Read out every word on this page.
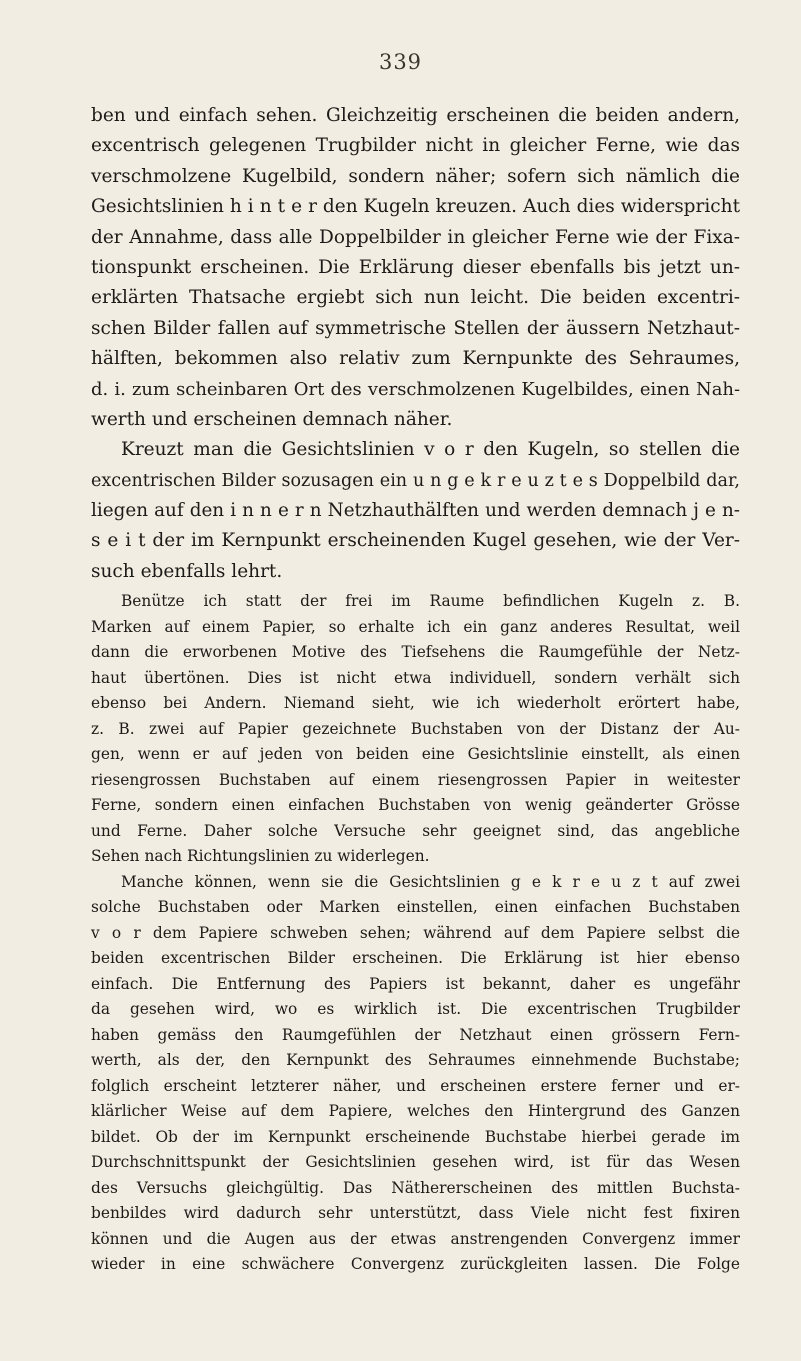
339
ben und einfach sehen. Gleichzeitig erscheinen die beiden andern,
excentrisch gelegenen Trugbilder nicht in gleicher Ferne, wie das
verschmolzene Kugelbild, sondern näher; sofern sich nämlich die
Gesichtslinien h i n t e r den Kugeln kreuzen. Auch dies widerspricht
der Annahme, dass alle Doppelbilder in gleicher Ferne wie der Fixa-
tionspunkt erscheinen. Die Erklärung dieser ebenfalls bis jetzt un-
erklärten Thatsache ergiebt sich nun leicht. Die beiden excentri-
schen Bilder fallen auf symmetrische Stellen der äussern Netzhaut-
hälften, bekommen also relativ zum Kernpunkte des Sehraumes,
d. i. zum scheinbaren Ort des verschmolzenen Kugelbildes, einen Nah-
werth und erscheinen demnach näher.
Kreuzt man die Gesichtslinien v o r den Kugeln, so stellen die
excentrischen Bilder sozusagen ein u n g e k r e u z t e s Doppelbild dar,
liegen auf den i n n e r n Netzhauthälften und werden demnach j e n-
s e i t der im Kernpunkt erscheinenden Kugel gesehen, wie der Ver-
such ebenfalls lehrt.
Benütze ich statt der frei im Raume befindlichen Kugeln z. B.
Marken auf einem Papier, so erhalte ich ein ganz anderes Resultat, weil
dann die erworbenen Motive des Tiefsehens die Raumgefühle der Netz-
haut übertönen. Dies ist nicht etwa individuell, sondern verhält sich
ebenso bei Andern. Niemand sieht, wie ich wiederholt erörtert habe,
z. B. zwei auf Papier gezeichnete Buchstaben von der Distanz der Au-
gen, wenn er auf jeden von beiden eine Gesichtslinie einstellt, als einen
riesengrossen Buchstaben auf einem riesengrossen Papier in weitester
Ferne, sondern einen einfachen Buchstaben von wenig geänderter Grösse
und Ferne. Daher solche Versuche sehr geeignet sind, das angebliche
Sehen nach Richtungslinien zu widerlegen.
Manche können, wenn sie die Gesichtslinien g e k r e u z t auf zwei
solche Buchstaben oder Marken einstellen, einen einfachen Buchstaben
v o r dem Papiere schweben sehen; während auf dem Papiere selbst die
beiden excentrischen Bilder erscheinen. Die Erklärung ist hier ebenso
einfach. Die Entfernung des Papiers ist bekannt, daher es ungefähr
da gesehen wird, wo es wirklich ist. Die excentrischen Trugbilder
haben gemäss den Raumgefühlen der Netzhaut einen grössern Fern-
werth, als der, den Kernpunkt des Sehraumes einnehmende Buchstabe;
folglich erscheint letzterer näher, und erscheinen erstere ferner und er-
klärlicher Weise auf dem Papiere, welches den Hintergrund des Ganzen
bildet. Ob der im Kernpunkt erscheinende Buchstabe hierbei gerade im
Durchschnittspunkt der Gesichtslinien gesehen wird, ist für das Wesen
des Versuchs gleichgültig. Das Näthererscheinen des mittlen Buchsta-
benbildes wird dadurch sehr unterstützt, dass Viele nicht fest fixiren
können und die Augen aus der etwas anstrengenden Convergenz immer
wieder in eine schwächere Convergenz zurückgleiten lassen. Die Folge
